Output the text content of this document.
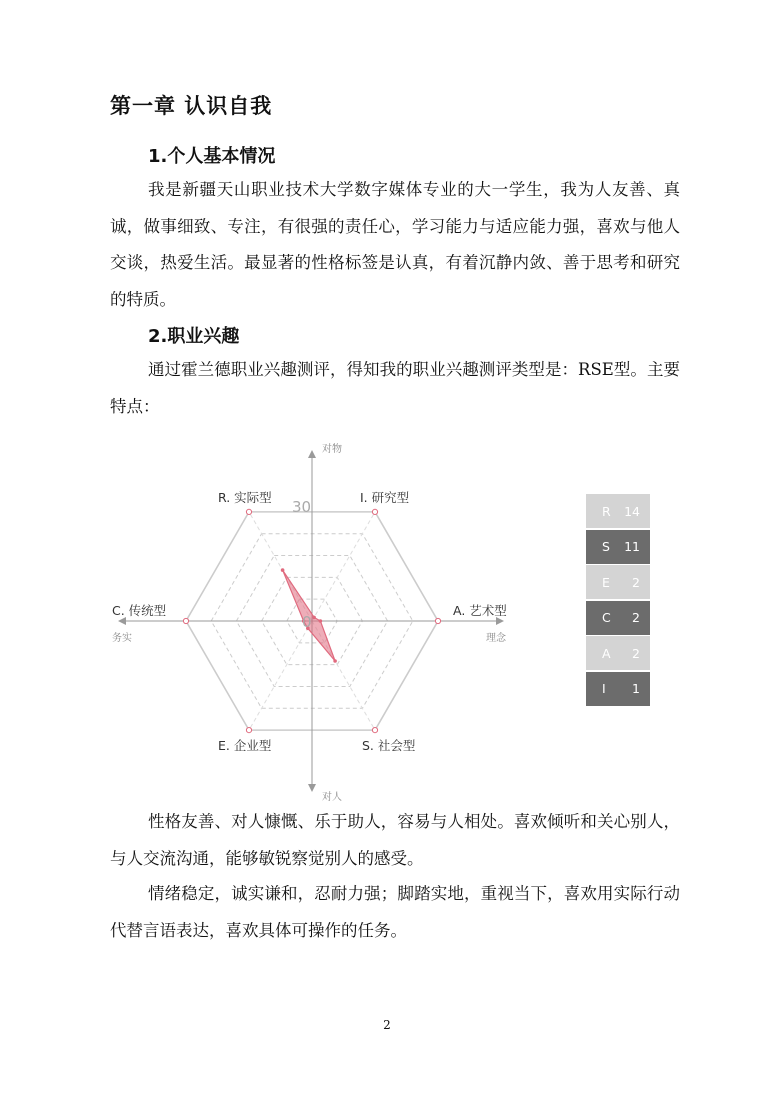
第一章 认识自我
1.个人基本情况
我是新疆天山职业技术大学数字媒体专业的大一学生，我为人友善、真诚，做事细致、专注，有很强的责任心，学习能力与适应能力强，喜欢与他人交谈，热爱生活。最显著的性格标签是认真，有着沉静内敛、善于思考和研究的特质。
2.职业兴趣
通过霍兰德职业兴趣测评，得知我的职业兴趣测评类型是：RSE型。主要特点：
30
0
R. 实际型	I. 研究型
A. 艺术型
S. 社会型
E. 企业型
C. 传统型
对物
对人
务实	理念
R 14
S 11
E 2
C 2
A 2
I 1
性格友善、对人慷慨、乐于助人，容易与人相处。喜欢倾听和关心别人，与人交流沟通，能够敏锐察觉别人的感受。
情绪稳定，诚实谦和，忍耐力强；脚踏实地，重视当下，喜欢用实际行动代替言语表达，喜欢具体可操作的任务。
2
